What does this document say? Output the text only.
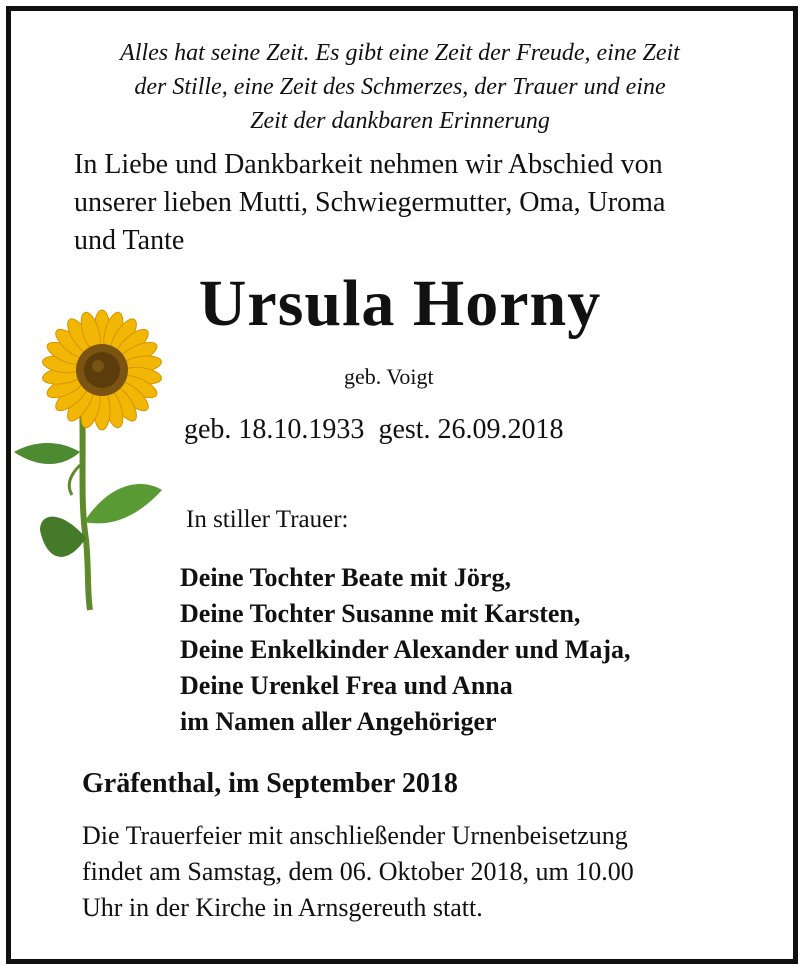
Alles hat seine Zeit. Es gibt eine Zeit der Freude, eine Zeit
der Stille, eine Zeit des Schmerzes, der Trauer und eine
Zeit der dankbaren Erinnerung
In Liebe und Dankbarkeit nehmen wir Abschied von
unserer lieben Mutti, Schwiegermutter, Oma, Uroma
und Tante
Ursula Horny
geb. Voigt
geb. 18.10.1933 gest. 26.09.2018
In stiller Trauer:
Deine Tochter Beate mit Jörg,
Deine Tochter Susanne mit Karsten,
Deine Enkelkinder Alexander und Maja,
Deine Urenkel Frea und Anna
im Namen aller Angehöriger
Gräfenthal, im September 2018
Die Trauerfeier mit anschließender Urnenbeisetzung
findet am Samstag, dem 06. Oktober 2018, um 10.00
Uhr in der Kirche in Arnsgereuth statt.
